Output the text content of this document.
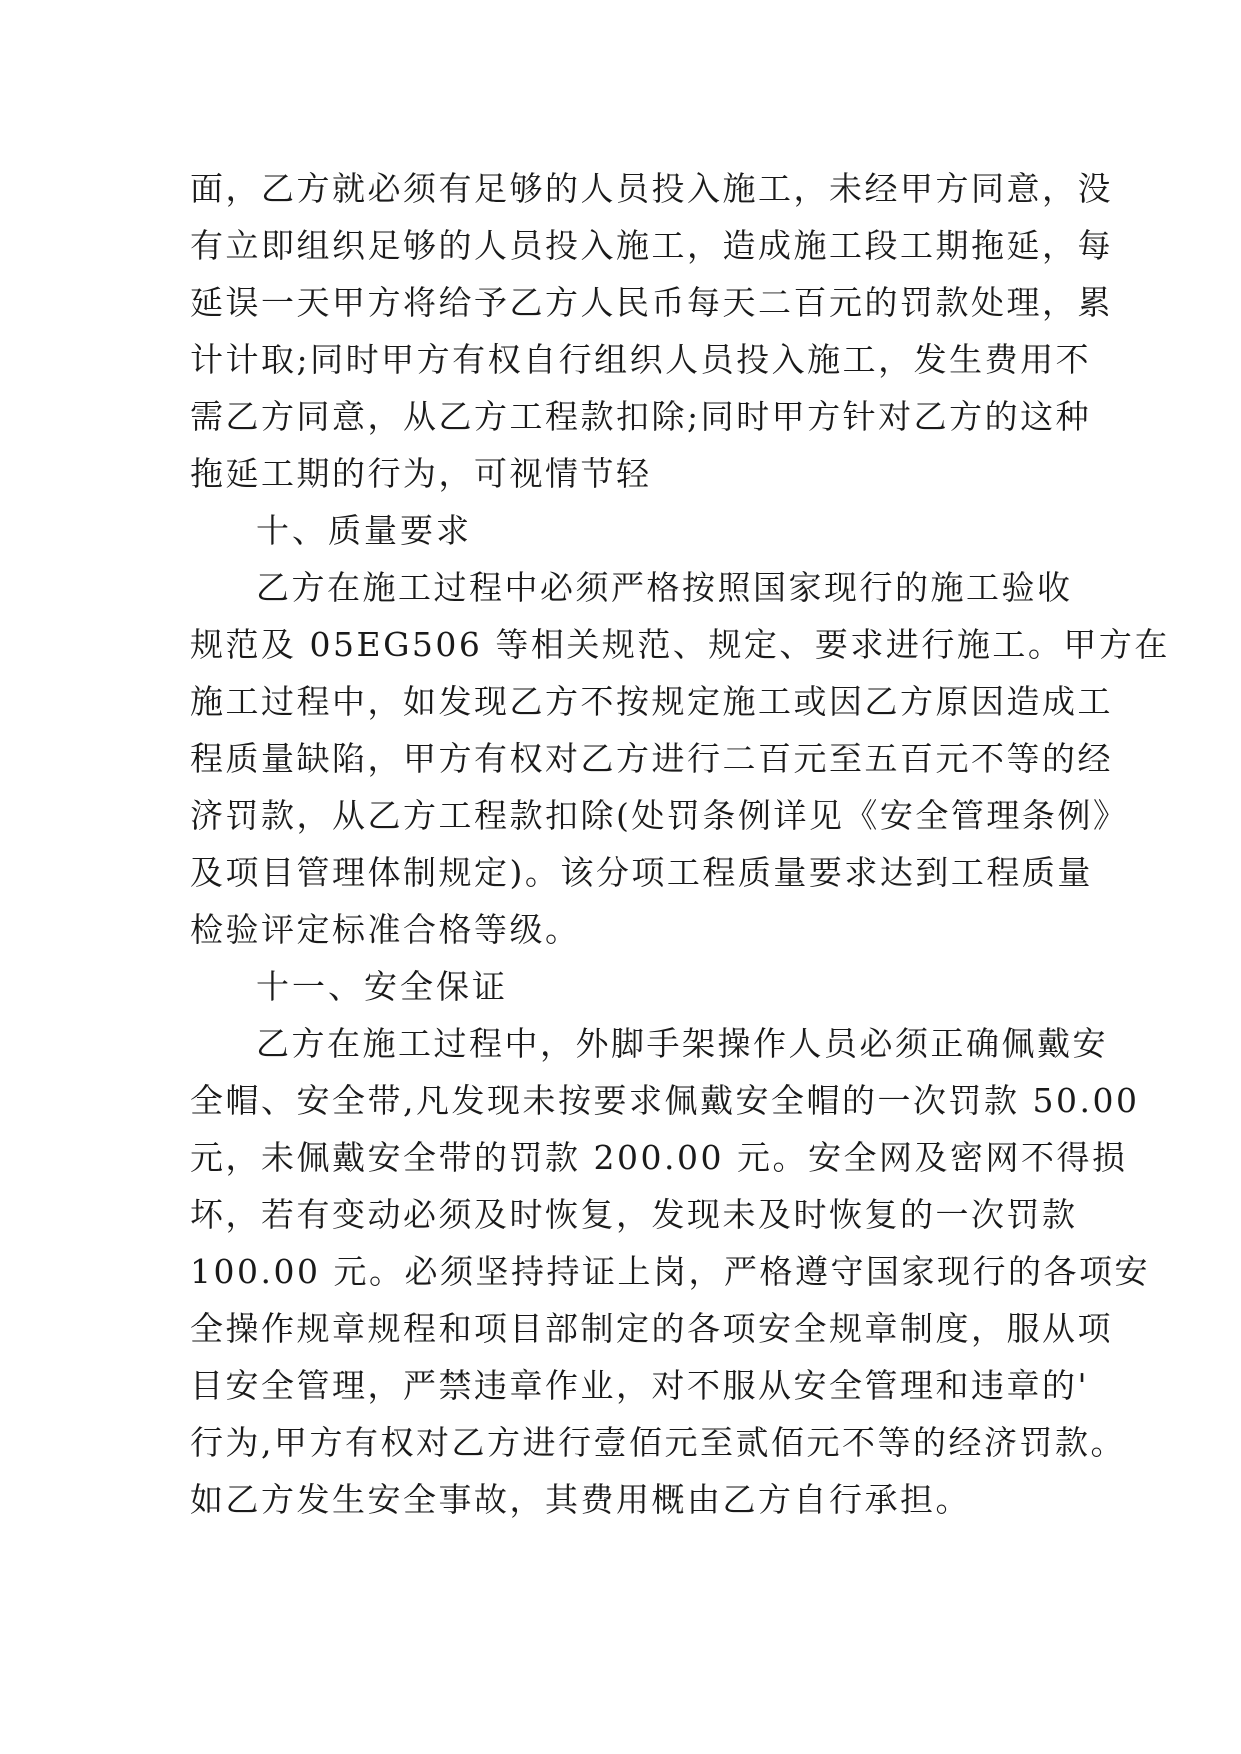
面，乙方就必须有足够的人员投入施工，未经甲方同意，没
有立即组织足够的人员投入施工，造成施工段工期拖延，每
延误一天甲方将给予乙方人民币每天二百元的罚款处理，累
计计取;同时甲方有权自行组织人员投入施工，发生费用不
需乙方同意，从乙方工程款扣除;同时甲方针对乙方的这种
拖延工期的行为，可视情节轻
十、质量要求
乙方在施工过程中必须严格按照国家现行的施工验收
规范及 05EG506 等相关规范、规定、要求进行施工。甲方在
施工过程中，如发现乙方不按规定施工或因乙方原因造成工
程质量缺陷，甲方有权对乙方进行二百元至五百元不等的经
济罚款，从乙方工程款扣除(处罚条例详见《安全管理条例》
及项目管理体制规定)。该分项工程质量要求达到工程质量
检验评定标准合格等级。
十一、安全保证
乙方在施工过程中，外脚手架操作人员必须正确佩戴安
全帽、安全带,凡发现未按要求佩戴安全帽的一次罚款 50.00
元，未佩戴安全带的罚款 200.00 元。安全网及密网不得损
坏，若有变动必须及时恢复，发现未及时恢复的一次罚款
100.00 元。必须坚持持证上岗，严格遵守国家现行的各项安
全操作规章规程和项目部制定的各项安全规章制度，服从项
目安全管理，严禁违章作业，对不服从安全管理和违章的'
行为,甲方有权对乙方进行壹佰元至贰佰元不等的经济罚款。
如乙方发生安全事故，其费用概由乙方自行承担。
